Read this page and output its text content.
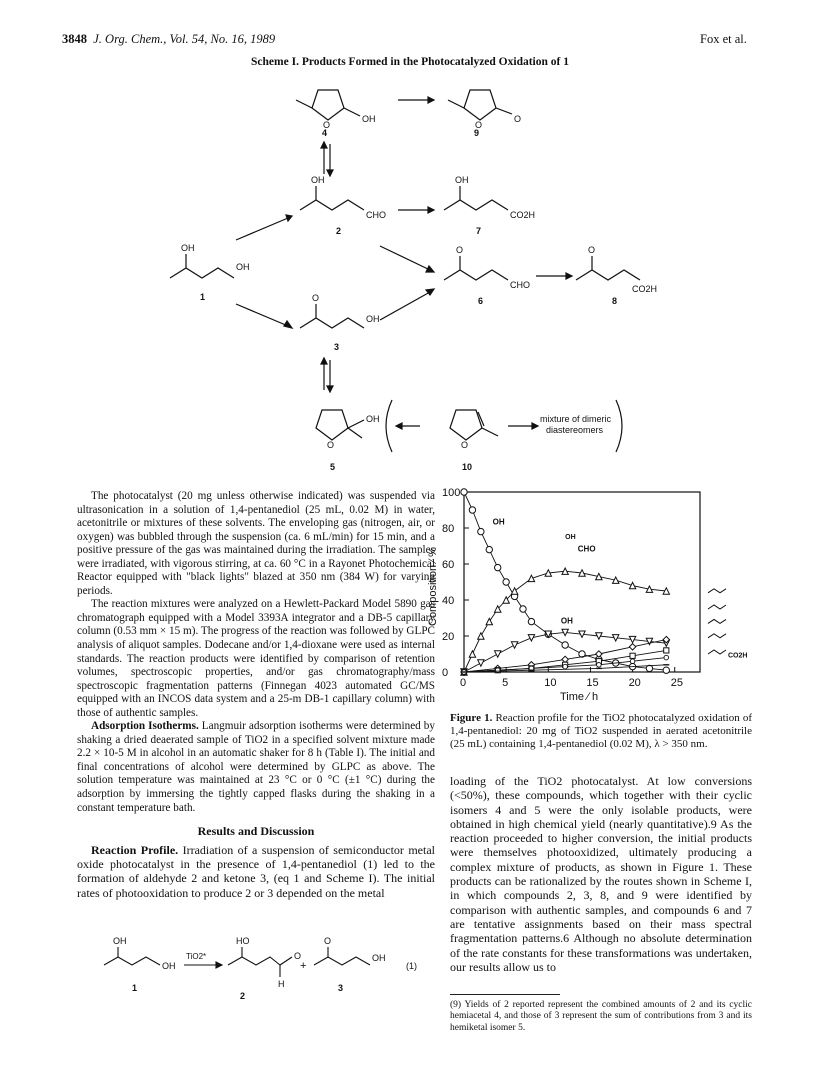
3848 J. Org. Chem., Vol. 54, No. 16, 1989	Fox et al.
Scheme I. Products Formed in the Photocatalyzed Oxidation of 1
O
OH
4
O
O
9
OH
CHO
2
OH
CO2H
7
OH
OH
1
O
CHO
6
O
CO2H
8
O
OH
3
OH
O
5
O
10
mixture of dimeric
diastereomers

The photocatalyst (20 mg unless otherwise indicated) was suspended via ultrasonication in a solution of 1,4-pentanediol (25 mL, 0.02 M) in water, acetonitrile or mixtures of these solvents. The enveloping gas (nitrogen, air, or oxygen) was bubbled through the suspension (ca. 6 mL/min) for 15 min, and a positive pressure of the gas was maintained during the irradiation. The samples were irradiated, with vigorous stirring, at ca. 60 °C in a Rayonet Photochemical Reactor equipped with "black lights" blazed at 350 nm (384 W) for varying periods.

The reaction mixtures were analyzed on a Hewlett-Packard Model 5890 gas chromatograph equipped with a Model 3393A integrator and a DB-5 capillary column (0.53 mm × 15 m). The progress of the reaction was followed by GLPC analysis of aliquot samples. Dodecane and/or 1,4-dioxane were used as internal standards. The reaction products were identified by comparison of retention volumes, spectroscopic properties, and/or gas chromatography/mass spectroscopic fragmentation patterns (Finnegan 4023 automated GC/MS equipped with an INCOS data system and a 25-m DB-1 capillary column) with those of authentic samples.

Adsorption Isotherms. Langmuir adsorption isotherms were determined by shaking a dried deaerated sample of TiO2 in a specified solvent mixture made 2.2 × 10-5 M in alcohol in an automatic shaker for 8 h (Table I). The initial and final concentrations of alcohol were determined by GLPC as above. The solution temperature was maintained at 23 °C or 0 °C (±1 °C) during the adsorption by immersing the tightly capped flasks during the shaking in a constant temperature bath.

Results and Discussion

Reaction Profile. Irradiation of a suspension of semiconductor metal oxide photocatalyst in the presence of 1,4-pentanediol (1) led to the formation of aldehyde 2 and ketone 3, (eq 1 and Scheme I). The initial rates of photooxidation to produce 2 or 3 depended on the metal

OH
OH
1
TiO2*
HO
O
H
2
+
O
OH
3
(1)
0	5	10	15	20	25
0
20
40
60
80
100
Time ⁄ h
Composition ⁄ %
OH
OH
CHO
OH
CO2H
Figure 1. Reaction profile for the TiO2 photocatalyzed oxidation of 1,4-pentanediol: 20 mg of TiO2 suspended in aerated acetonitrile (25 mL) containing 1,4-pentanediol (0.02 M), λ > 350 nm.

loading of the TiO2 photocatalyst. At low conversions (<50%), these compounds, which together with their cyclic isomers 4 and 5 were the only isolable products, were obtained in high chemical yield (nearly quantitative).9 As the reaction proceeded to higher conversion, the initial products were themselves photooxidized, ultimately producing a complex mixture of products, as shown in Figure 1. These products can be rationalized by the routes shown in Scheme I, in which compounds 2, 3, 8, and 9 were identified by comparison with authentic samples, and compounds 6 and 7 are tentative assignments based on their mass spectral fragmentation patterns.6 Although no absolute determination of the rate constants for these transformations was undertaken, our results allow us to

(9) Yields of 2 reported represent the combined amounts of 2 and its cyclic hemiacetal 4, and those of 3 represent the sum of contributions from 3 and its hemiketal isomer 5.
